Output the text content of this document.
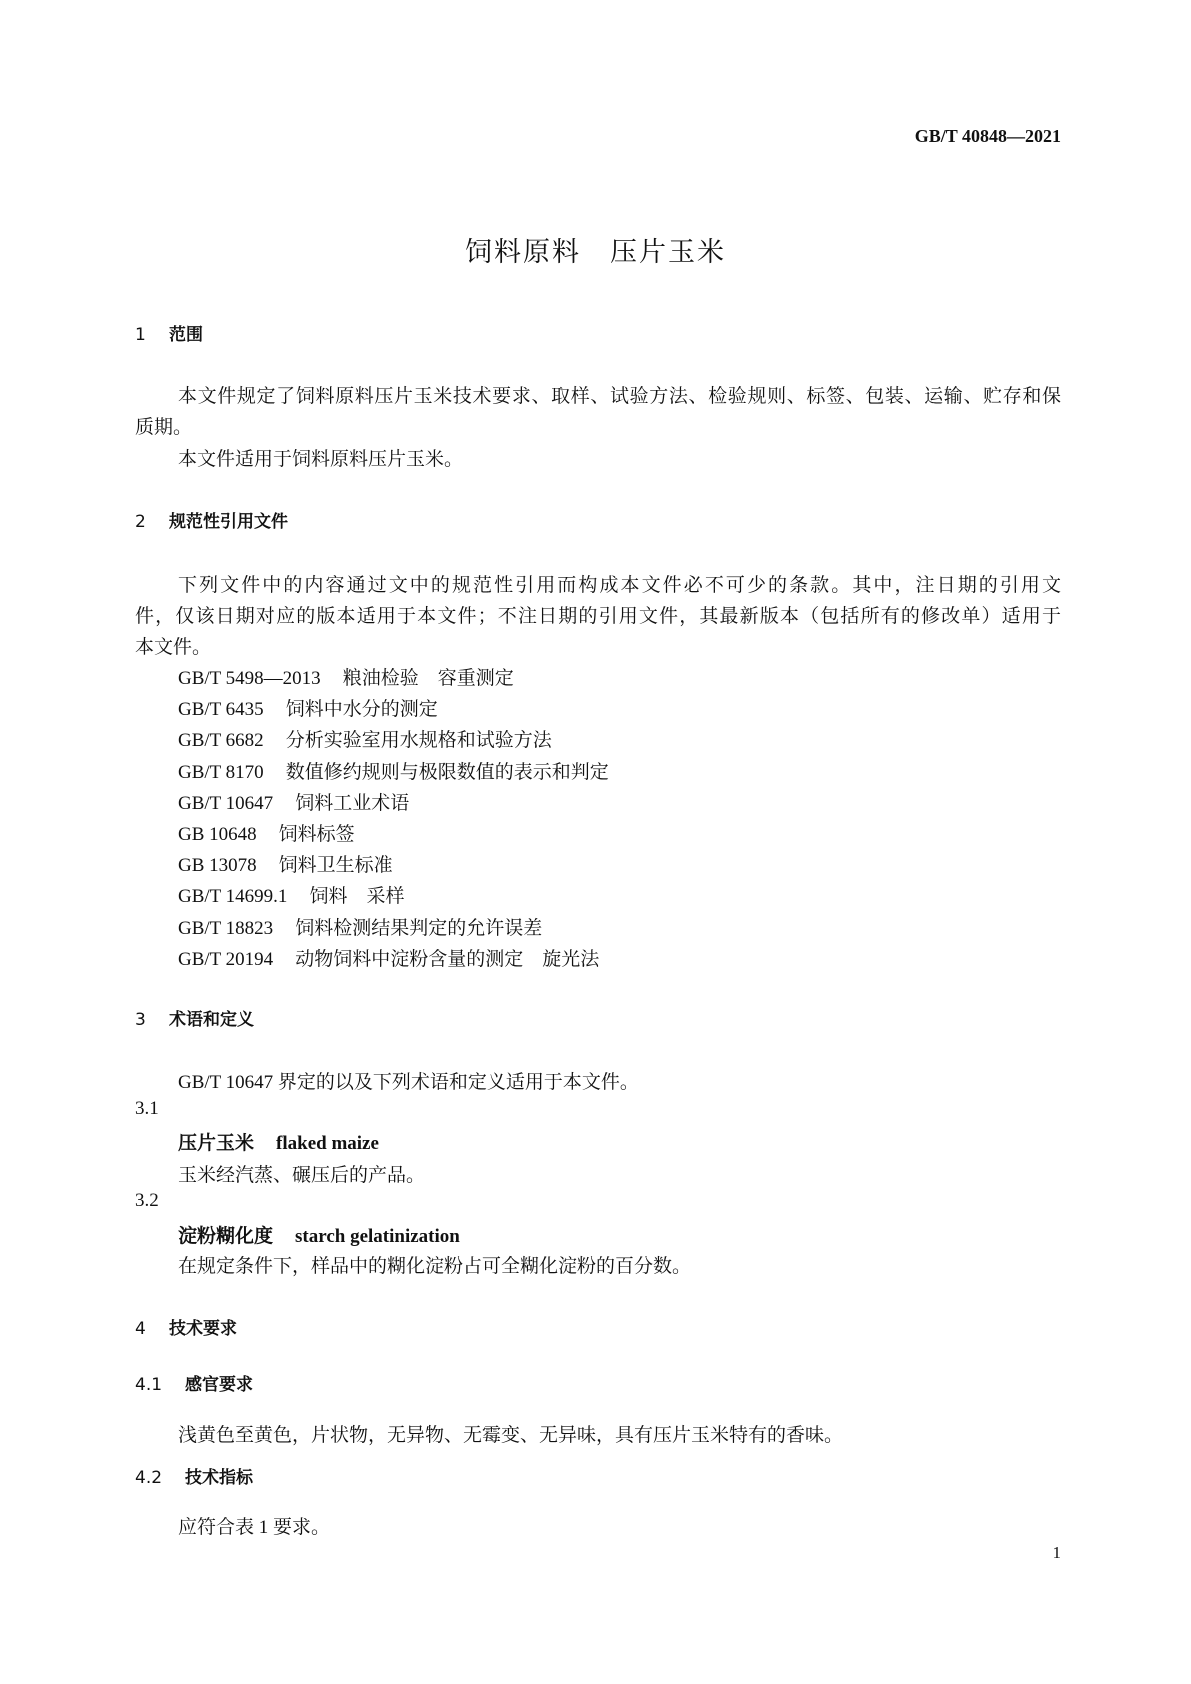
GB/T 40848—2021
饲料原料　压片玉米
1 范围
本文件规定了饲料原料压片玉米技术要求、取样、试验方法、检验规则、标签、包装、运输、贮存和保
质期。
本文件适用于饲料原料压片玉米。
2 规范性引用文件
下列文件中的内容通过文中的规范性引用而构成本文件必不可少的条款。其中，注日期的引用文
件，仅该日期对应的版本适用于本文件；不注日期的引用文件，其最新版本（包括所有的修改单）适用于
本文件。
GB/T 5498—2013 粮油检验　容重测定
GB/T 6435 饲料中水分的测定
GB/T 6682 分析实验室用水规格和试验方法
GB/T 8170 数值修约规则与极限数值的表示和判定
GB/T 10647 饲料工业术语
GB 10648 饲料标签
GB 13078 饲料卫生标准
GB/T 14699.1 饲料　采样
GB/T 18823 饲料检测结果判定的允许误差
GB/T 20194 动物饲料中淀粉含量的测定　旋光法
3 术语和定义
GB/T 10647 界定的以及下列术语和定义适用于本文件。
3.1
压片玉米 flaked maize
玉米经汽蒸、碾压后的产品。
3.2
淀粉糊化度 starch gelatinization
在规定条件下，样品中的糊化淀粉占可全糊化淀粉的百分数。
4 技术要求
4.1 感官要求
浅黄色至黄色，片状物，无异物、无霉变、无异味，具有压片玉米特有的香味。
4.2 技术指标
应符合表 1 要求。
1
